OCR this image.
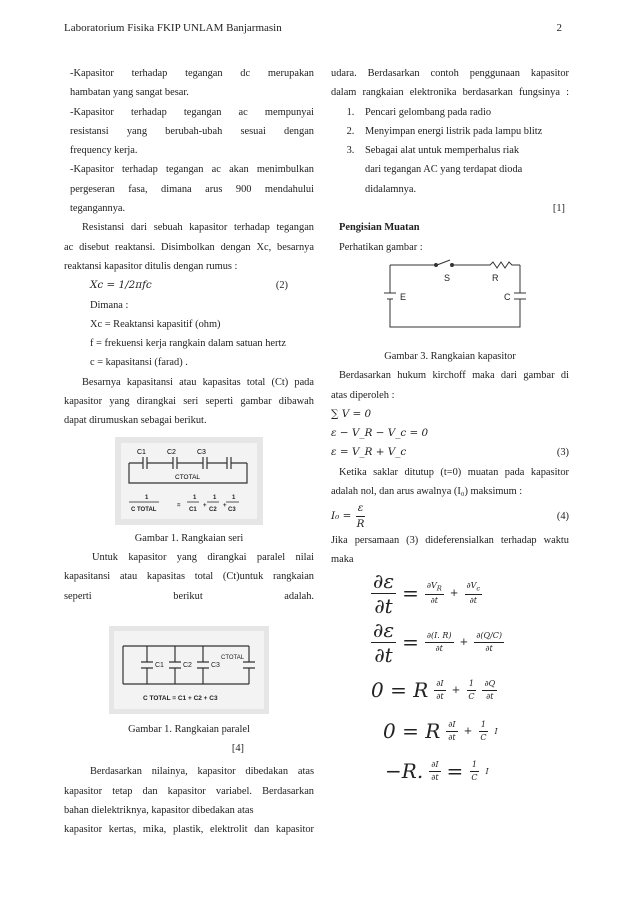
Laboratorium Fisika FKIP UNLAM Banjarmasin	2
-Kapasitor terhadap tegangan dc merupakan
hambatan yang sangat besar.
-Kapasitor terhadap tegangan ac mempunyai
resistansi yang berubah-ubah sesuai dengan
frequency kerja.
-Kapasitor terhadap tegangan ac akan menimbulkan
pergeseran fasa, dimana arus 900 mendahului
tegangannya.
Resistansi dari sebuah kapasitor terhadap tegangan
ac disebut reaktansi. Disimbolkan dengan Xc, besarnya
reaktansi kapasitor ditulis dengan rumus :
Xc = 1/2πfc	(2)
Dimana :
Xc = Reaktansi kapasitif (ohm)
f = frekuensi kerja rangkain dalam satuan hertz
c = kapasitansi (farad) .
Besarnya kapasitansi atau kapasitas total (Ct) pada
kapasitor yang dirangkai seri seperti gambar dibawah
dapat dirumuskan sebagai berikut.
C1	C2	C3
CTOTAL
1	1	1	1
C TOTAL
=
C1
+
C2
+
C3
Gambar 1. Rangkaian seri
Untuk kapasitor yang dirangkai paralel nilai
kapasitansi atau kapasitas total (Ct)untuk rangkaian
seperti berikut adalah.
C1	C2	C3
CTOTAL
C TOTAL = C1 + C2 + C3
Gambar 1. Rangkaian paralel
[4]
Berdasarkan nilainya, kapasitor dibedakan atas
kapasitor tetap dan kapasitor variabel. Berdasarkan
bahan dielektriknya, kapasitor dibedakan atas
kapasitor kertas, mika, plastik, elektrolit dan kapasitor
udara. Berdasarkan contoh penggunaan kapasitor
dalam rangkaian elektronika berdasarkan fungsinya :
1. Pencari gelombang pada radio
2. Menyimpan energi listrik pada lampu blitz
3. Sebagai alat untuk memperhalus riak dari tegangan AC yang terdapat dioda didalamnya.
[1]
Pengisian Muatan
Perhatikan gambar :
S	R
E	C
Gambar 3. Rangkaian kapasitor
Berdasarkan hukum kirchoff maka dari gambar di
atas diperoleh :
∑ V = 0
ε − V_R − V_c = 0
ε = V_R + V_c	(3)
Ketika saklar ditutup (t=0) muatan pada kapasitor
adalah nol, dan arus awalnya (I₀) maksimum :
$I_0 = \frac{\varepsilon}{R}$	(4)
Jika persamaan (3) dideferensialkan terhadap waktu
maka
$\frac{\partial\varepsilon}{\partial t} = \frac{\partial V_R}{\partial t} + \frac{\partial V_c}{\partial t}$
$\frac{\partial\varepsilon}{\partial t} = \frac{\partial(I. R)}{\partial t} + \frac{\partial(Q/C)}{\partial t}$
0 = R $\frac{\partial I}{\partial t} + \frac{1}{C} \frac{\partial Q}{\partial t}$
0 = R $\frac{\partial I}{\partial t} + \frac{1}{C}$ I
−R. $\frac{\partial I}{\partial t} = \frac{1}{C}$ I
